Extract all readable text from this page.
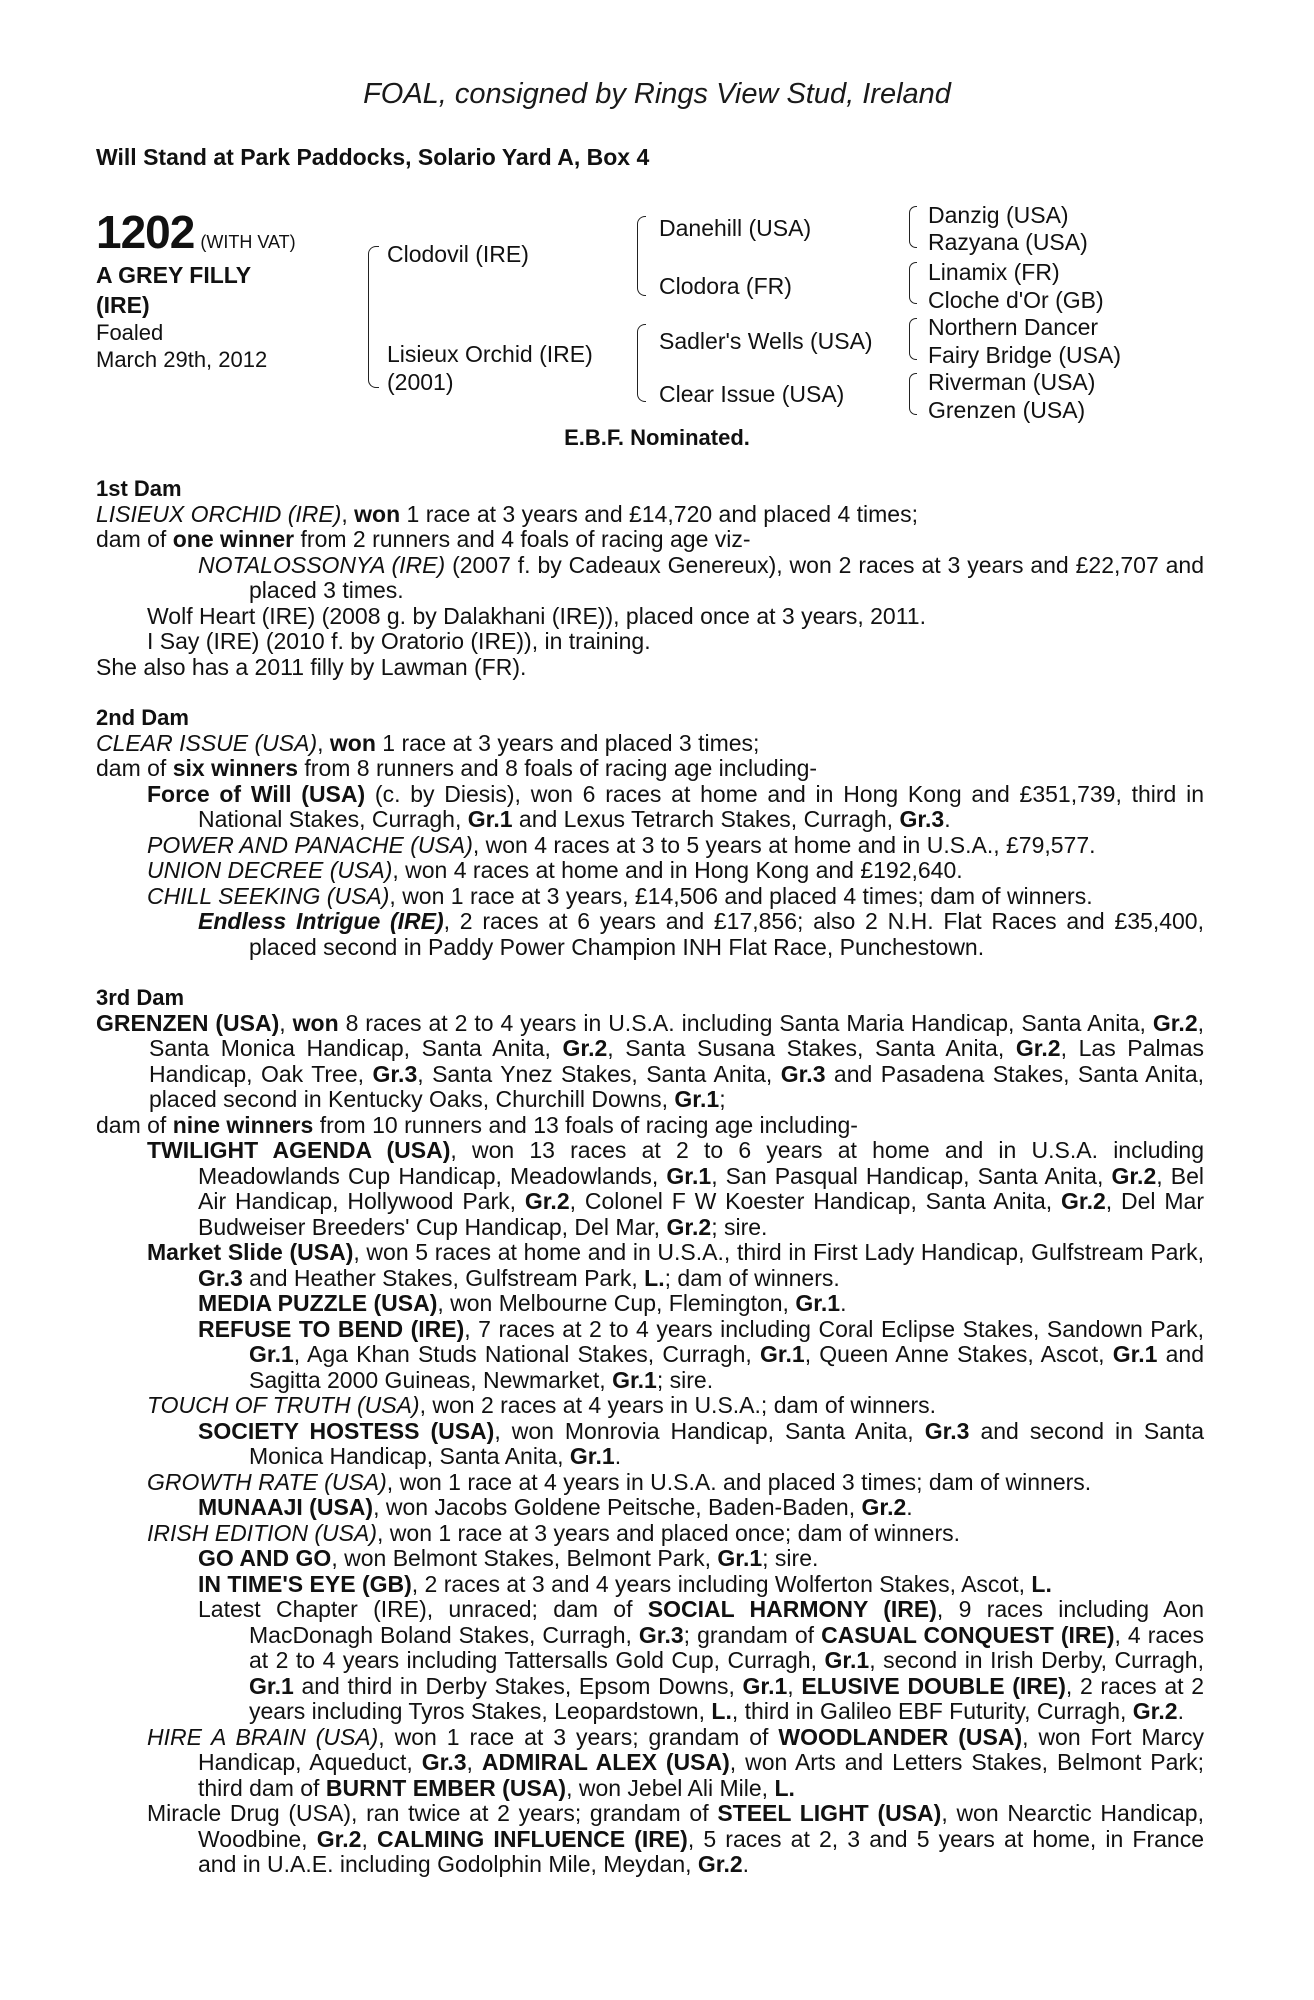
FOAL, consigned by Rings View Stud, Ireland
Will Stand at Park Paddocks, Solario Yard A, Box 4
1202 (WITH VAT)
A GREY FILLY
(IRE)
Foaled
March 29th, 2012
Clodovil (IRE)
Lisieux Orchid (IRE)
(2001)
Danehill (USA)
Clodora (FR)
Sadler's Wells (USA)
Clear Issue (USA)
Danzig (USA)
Razyana (USA)
Linamix (FR)
Cloche d'Or (GB)
Northern Dancer
Fairy Bridge (USA)
Riverman (USA)
Grenzen (USA)
E.B.F. Nominated.
1st Dam
LISIEUX ORCHID (IRE), won 1 race at 3 years and £14,720 and placed 4 times;
dam of one winner from 2 runners and 4 foals of racing age viz-
NOTALOSSONYA (IRE) (2007 f. by Cadeaux Genereux), won 2 races at 3 years and £22,707 and placed 3 times.
Wolf Heart (IRE) (2008 g. by Dalakhani (IRE)), placed once at 3 years, 2011.
I Say (IRE) (2010 f. by Oratorio (IRE)), in training.
She also has a 2011 filly by Lawman (FR).
2nd Dam
CLEAR ISSUE (USA), won 1 race at 3 years and placed 3 times;
dam of six winners from 8 runners and 8 foals of racing age including-
Force of Will (USA) (c. by Diesis), won 6 races at home and in Hong Kong and £351,739, third in National Stakes, Curragh, Gr.1 and Lexus Tetrarch Stakes, Curragh, Gr.3.
POWER AND PANACHE (USA), won 4 races at 3 to 5 years at home and in U.S.A., £79,577.
UNION DECREE (USA), won 4 races at home and in Hong Kong and £192,640.
CHILL SEEKING (USA), won 1 race at 3 years, £14,506 and placed 4 times; dam of winners.
Endless Intrigue (IRE), 2 races at 6 years and £17,856; also 2 N.H. Flat Races and £35,400, placed second in Paddy Power Champion INH Flat Race, Punchestown.
3rd Dam
GRENZEN (USA), won 8 races at 2 to 4 years in U.S.A. including Santa Maria Handicap, Santa Anita, Gr.2, Santa Monica Handicap, Santa Anita, Gr.2, Santa Susana Stakes, Santa Anita, Gr.2, Las Palmas Handicap, Oak Tree, Gr.3, Santa Ynez Stakes, Santa Anita, Gr.3 and Pasadena Stakes, Santa Anita, placed second in Kentucky Oaks, Churchill Downs, Gr.1;
dam of nine winners from 10 runners and 13 foals of racing age including-
TWILIGHT AGENDA (USA), won 13 races at 2 to 6 years at home and in U.S.A. including Meadowlands Cup Handicap, Meadowlands, Gr.1, San Pasqual Handicap, Santa Anita, Gr.2, Bel Air Handicap, Hollywood Park, Gr.2, Colonel F W Koester Handicap, Santa Anita, Gr.2, Del Mar Budweiser Breeders' Cup Handicap, Del Mar, Gr.2; sire.
Market Slide (USA), won 5 races at home and in U.S.A., third in First Lady Handicap, Gulfstream Park, Gr.3 and Heather Stakes, Gulfstream Park, L.; dam of winners.
MEDIA PUZZLE (USA), won Melbourne Cup, Flemington, Gr.1.
REFUSE TO BEND (IRE), 7 races at 2 to 4 years including Coral Eclipse Stakes, Sandown Park, Gr.1, Aga Khan Studs National Stakes, Curragh, Gr.1, Queen Anne Stakes, Ascot, Gr.1 and Sagitta 2000 Guineas, Newmarket, Gr.1; sire.
TOUCH OF TRUTH (USA), won 2 races at 4 years in U.S.A.; dam of winners.
SOCIETY HOSTESS (USA), won Monrovia Handicap, Santa Anita, Gr.3 and second in Santa Monica Handicap, Santa Anita, Gr.1.
GROWTH RATE (USA), won 1 race at 4 years in U.S.A. and placed 3 times; dam of winners.
MUNAAJI (USA), won Jacobs Goldene Peitsche, Baden-Baden, Gr.2.
IRISH EDITION (USA), won 1 race at 3 years and placed once; dam of winners.
GO AND GO, won Belmont Stakes, Belmont Park, Gr.1; sire.
IN TIME'S EYE (GB), 2 races at 3 and 4 years including Wolferton Stakes, Ascot, L.
Latest Chapter (IRE), unraced; dam of SOCIAL HARMONY (IRE), 9 races including Aon MacDonagh Boland Stakes, Curragh, Gr.3; grandam of CASUAL CONQUEST (IRE), 4 races at 2 to 4 years including Tattersalls Gold Cup, Curragh, Gr.1, second in Irish Derby, Curragh, Gr.1 and third in Derby Stakes, Epsom Downs, Gr.1, ELUSIVE DOUBLE (IRE), 2 races at 2 years including Tyros Stakes, Leopardstown, L., third in Galileo EBF Futurity, Curragh, Gr.2.
HIRE A BRAIN (USA), won 1 race at 3 years; grandam of WOODLANDER (USA), won Fort Marcy Handicap, Aqueduct, Gr.3, ADMIRAL ALEX (USA), won Arts and Letters Stakes, Belmont Park; third dam of BURNT EMBER (USA), won Jebel Ali Mile, L.
Miracle Drug (USA), ran twice at 2 years; grandam of STEEL LIGHT (USA), won Nearctic Handicap, Woodbine, Gr.2, CALMING INFLUENCE (IRE), 5 races at 2, 3 and 5 years at home, in France and in U.A.E. including Godolphin Mile, Meydan, Gr.2.
